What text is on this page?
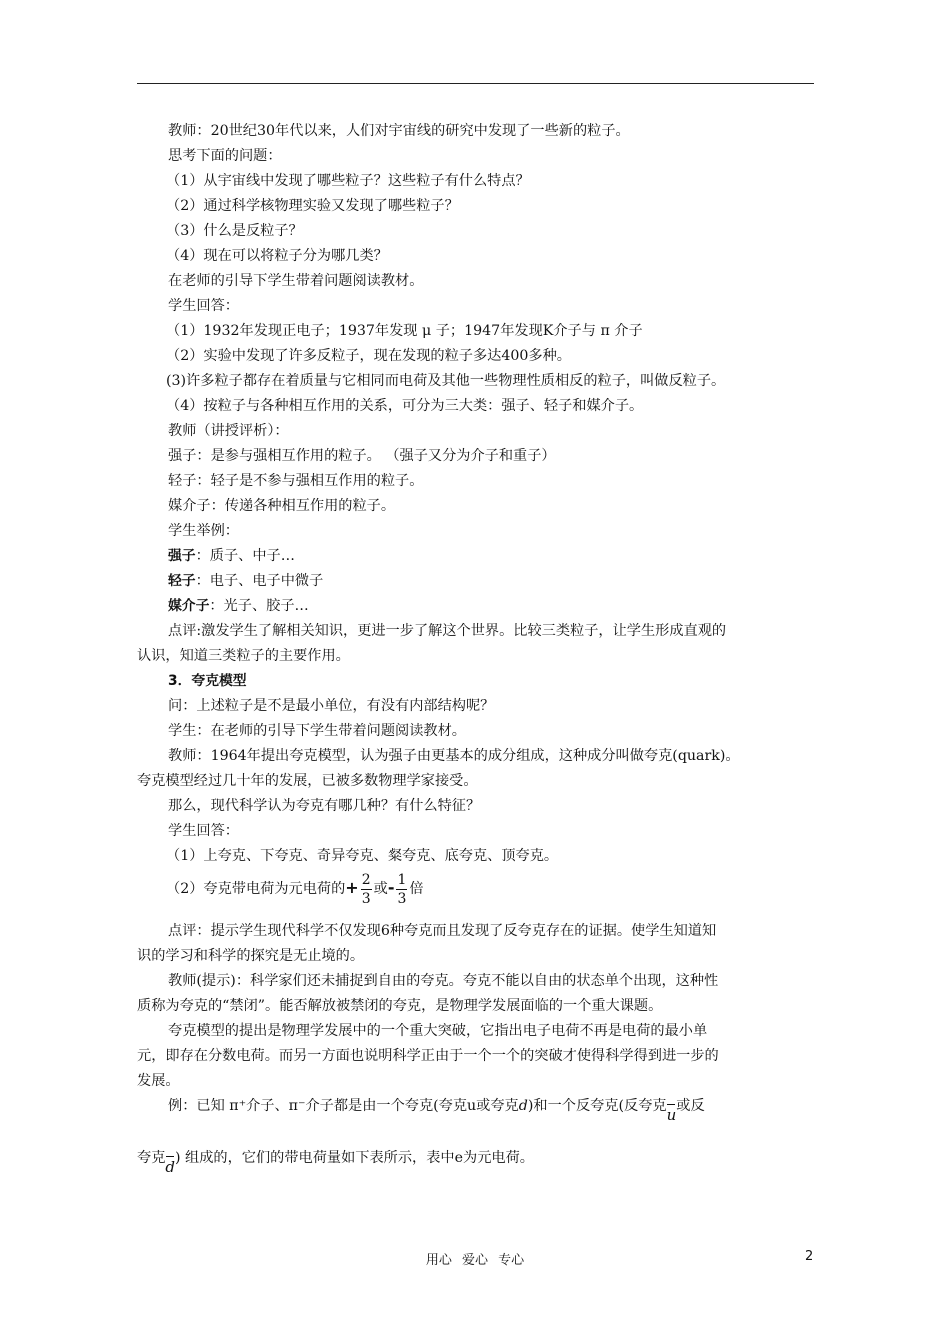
教师：20世纪30年代以来，人们对宇宙线的研究中发现了一些新的粒子。
思考下面的问题：
（1）从宇宙线中发现了哪些粒子？这些粒子有什么特点？
（2）通过科学核物理实验又发现了哪些粒子？
（3）什么是反粒子？
（4）现在可以将粒子分为哪几类？
在老师的引导下学生带着问题阅读教材。
学生回答：
（1）1932年发现正电子；1937年发现 μ 子；1947年发现K介子与 π 介子
（2）实验中发现了许多反粒子，现在发现的粒子多达400多种。
(3)许多粒子都存在着质量与它相同而电荷及其他一些物理性质相反的粒子，叫做反粒子。
（4）按粒子与各种相互作用的关系，可分为三大类：强子、轻子和媒介子。
教师（讲授评析）：
强子：是参与强相互作用的粒子。 （强子又分为介子和重子）
轻子：轻子是不参与强相互作用的粒子。
媒介子：传递各种相互作用的粒子。
学生举例：
强子：质子、中子…
轻子：电子、电子中微子
媒介子：光子、胶子…
点评:激发学生了解相关知识，更进一步了解这个世界。比较三类粒子，让学生形成直观的
认识，知道三类粒子的主要作用。
3．夸克模型
问：上述粒子是不是最小单位，有没有内部结构呢？
学生：在老师的引导下学生带着问题阅读教材。
教师：1964年提出夸克模型，认为强子由更基本的成分组成，这种成分叫做夸克(quark)。
夸克模型经过几十年的发展，已被多数物理学家接受。
那么，现代科学认为夸克有哪几种？有什么特征？
学生回答：
（1）上夸克、下夸克、奇异夸克、粲夸克、底夸克、顶夸克。
（2）夸克带电荷为元电荷的+ $\frac{2}{3}$ 或- $\frac{1}{3}$ 倍
点评：提示学生现代科学不仅发现6种夸克而且发现了反夸克存在的证据。使学生知道知
识的学习和科学的探究是无止境的。
教师(提示)：科学家们还未捕捉到自由的夸克。夸克不能以自由的状态单个出现，这种性
质称为夸克的“禁闭”。能否解放被禁闭的夸克，是物理学发展面临的一个重大课题。
夸克模型的提出是物理学发展中的一个重大突破，它指出电子电荷不再是电荷的最小单
元，即存在分数电荷。而另一方面也说明科学正由于一个一个的突破才使得科学得到进一步的
发展。
例：已知 π⁺介子、π⁻介子都是由一个夸克(夸克u或夸克d)和一个反夸克(反夸克 u 或反
夸克 d ) 组成的，它们的带电荷量如下表所示，表中e为元电荷。
用心 爱心 专心	2
